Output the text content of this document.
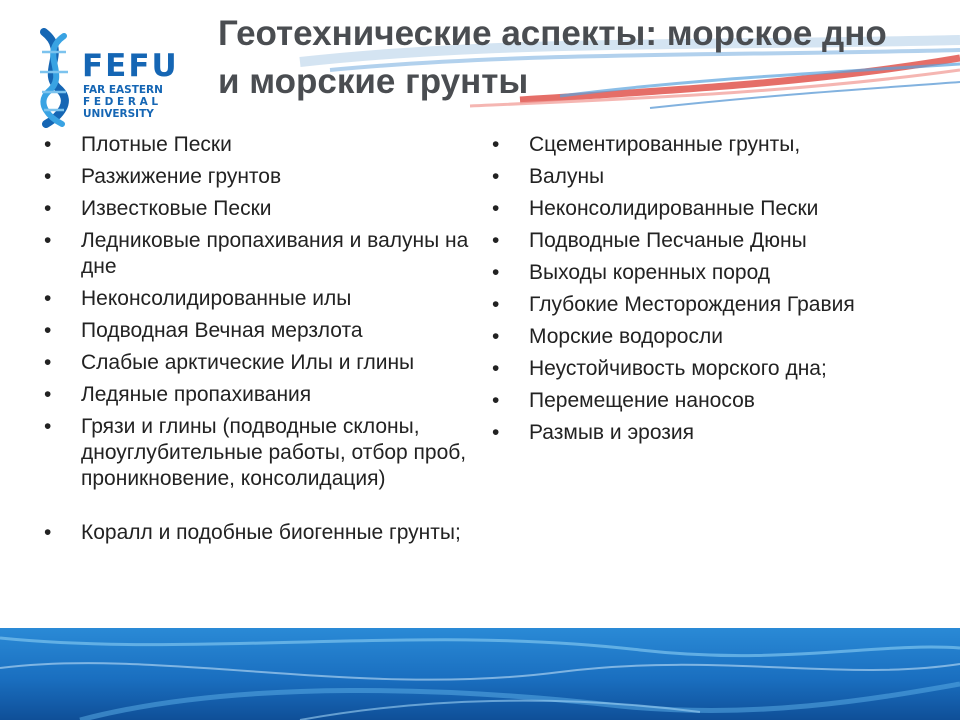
FEFU
FAR EASTERN
F E D E R A L
UNIVERSITY
Геотехнические аспекты: морское дно
и морские грунты
•	Плотные Пески
•	Разжижение грунтов
•	Известковые Пески
•	Ледниковые пропахивания и валуны на дне
•	Неконсолидированные илы
•	Подводная Вечная мерзлота
•	Слабые арктические Илы и глины
•	Ледяные пропахивания
•	Грязи и глины (подводные склоны, дноуглубительные работы, отбор проб, проникновение, консолидация)
•	Коралл и подобные биогенные грунты;
•	Сцементированные грунты,
•	Валуны
•	Неконсолидированные Пески
•	Подводные Песчаные Дюны
•	Выходы коренных пород
•	Глубокие Месторождения Гравия
•	Морские водоросли
•	Неустойчивость морского дна;
•	Перемещение наносов
•	Размыв и эрозия
